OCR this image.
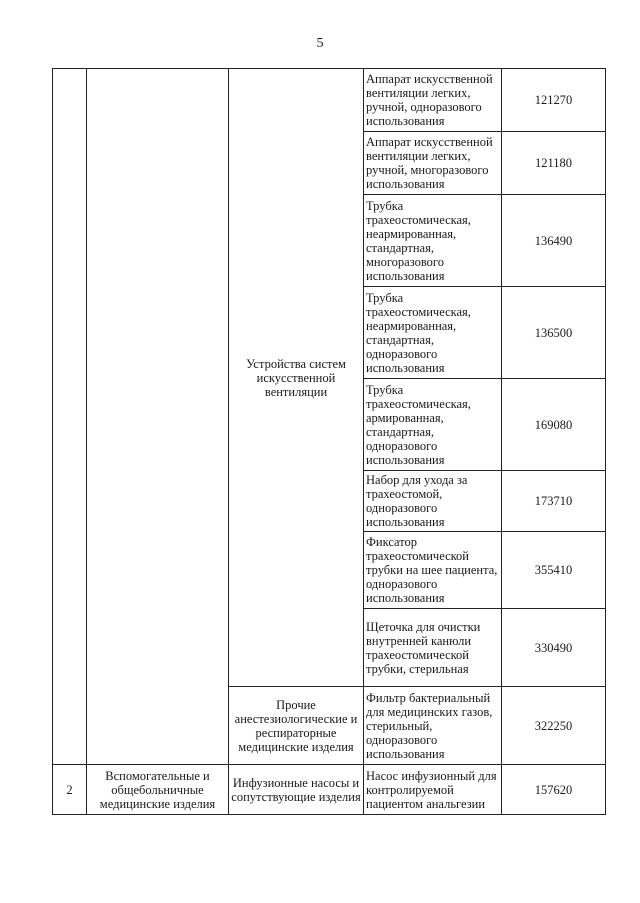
5
		Устройства систем искусственной вентиляции	Аппарат искусственной вентиляции легких, ручной, одноразового использования	121270
			Аппарат искусственной вентиляции легких, ручной, многоразового использования	121180
			Трубка трахеостомическая, неармированная, стандартная, многоразового использования	136490
			Трубка трахеостомическая, неармированная, стандартная, одноразового использования	136500
			Трубка трахеостомическая, армированная, стандартная, одноразового использования	169080
			Набор для ухода за трахеостомой, одноразового использования	173710
			Фиксатор трахеостомической трубки на шее пациента, одноразового использования	355410
			Щеточка для очистки внутренней канюли трахеостомической трубки, стерильная	330490
		Прочие анестезиологические и респираторные медицинские изделия	Фильтр бактериальный для медицинских газов, стерильный, одноразового использования	322250
2	Вспомогательные и общебольничные медицинские изделия	Инфузионные насосы и сопутствующие изделия	Насос инфузионный для контролируемой пациентом анальгезии	157620
